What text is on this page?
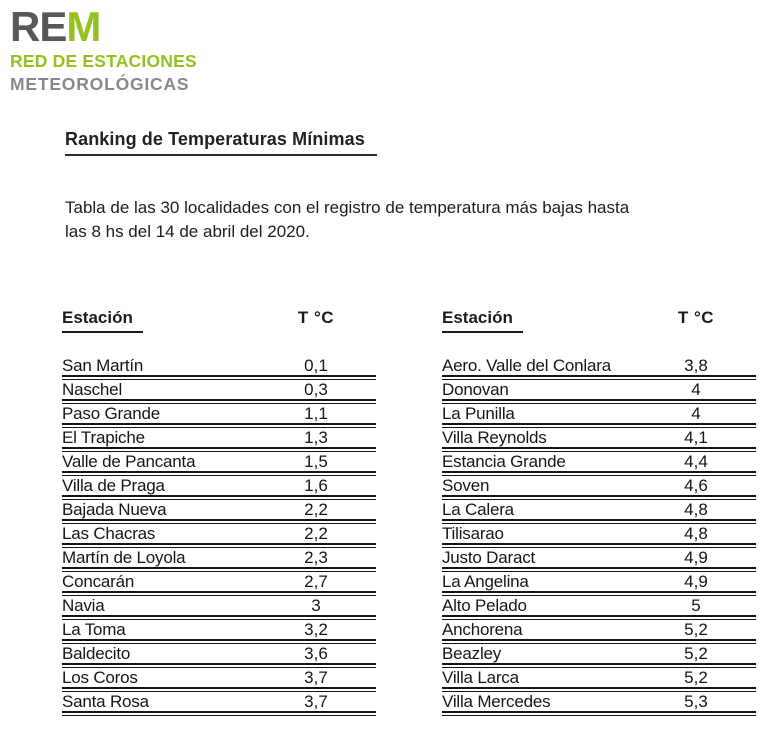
REM
RED DE ESTACIONES
METEOROLÓGICAS
Ranking de Temperaturas Mínimas

Tabla de las 30 localidades con el registro de temperatura más bajas hasta
las 8 hs del 14 de abril del 2020.

Estación	T °C
San Martín	0,1
Naschel	0,3
Paso Grande	1,1
El Trapiche	1,3
Valle de Pancanta	1,5
Villa de Praga	1,6
Bajada Nueva	2,2
Las Chacras	2,2
Martín de Loyola	2,3
Concarán	2,7
Navia	3
La Toma	3,2
Baldecito	3,6
Los Coros	3,7
Santa Rosa	3,7
Estación	T °C
Aero. Valle del Conlara	3,8
Donovan	4
La Punilla	4
Villa Reynolds	4,1
Estancia Grande	4,4
Soven	4,6
La Calera	4,8
Tilisarao	4,8
Justo Daract	4,9
La Angelina	4,9
Alto Pelado	5
Anchorena	5,2
Beazley	5,2
Villa Larca	5,2
Villa Mercedes	5,3
